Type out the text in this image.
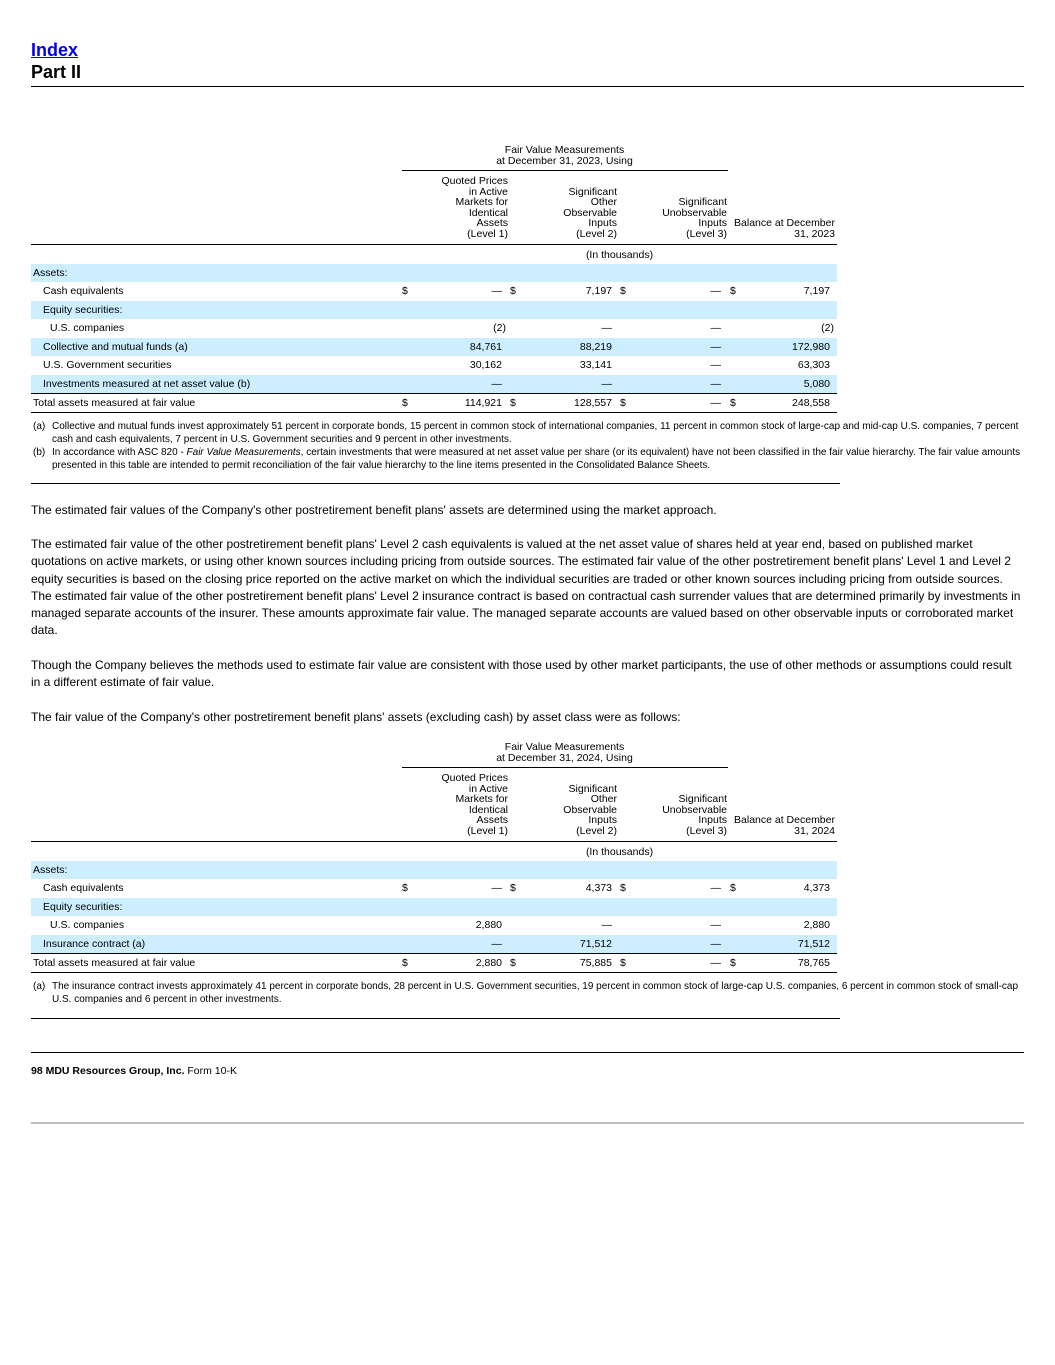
Index
Part II
Fair Value Measurements
at December 31, 2023, Using
Quoted Prices
in Active
Markets for
Identical
Assets
(Level 1)
Significant
Other
Observable
Inputs
(Level 2)
Significant
Unobservable
Inputs
(Level 3)
Balance at December
31, 2023
(In thousands)
Assets:
Cash equivalents	$	— $	7,197 $	— $	7,197
Equity securities:
U.S. companies	(2)	—	—	(2)
Collective and mutual funds (a)	84,761	88,219	—	172,980
U.S. Government securities	30,162	33,141	—	63,303
Investments measured at net asset value (b)	—	—	—	5,080
Total assets measured at fair value	$	114,921 $	128,557 $	— $	248,558
(a) Collective and mutual funds invest approximately 51 percent in corporate bonds, 15 percent in common stock of international companies, 11 percent in common stock of large-cap and mid-cap U.S. companies, 7 percent cash and cash equivalents, 7 percent in U.S. Government securities and 9 percent in other investments.
(b) In accordance with ASC 820 - Fair Value Measurements, certain investments that were measured at net asset value per share (or its equivalent) have not been classified in the fair value hierarchy. The fair value amounts presented in this table are intended to permit reconciliation of the fair value hierarchy to the line items presented in the Consolidated Balance Sheets.
The estimated fair values of the Company's other postretirement benefit plans' assets are determined using the market approach.
The estimated fair value of the other postretirement benefit plans' Level 2 cash equivalents is valued at the net asset value of shares held at year end, based on published market quotations on active markets, or using other known sources including pricing from outside sources. The estimated fair value of the other postretirement benefit plans' Level 1 and Level 2 equity securities is based on the closing price reported on the active market on which the individual securities are traded or other known sources including pricing from outside sources. The estimated fair value of the other postretirement benefit plans' Level 2 insurance contract is based on contractual cash surrender values that are determined primarily by investments in managed separate accounts of the insurer. These amounts approximate fair value. The managed separate accounts are valued based on other observable inputs or corroborated market data.
Though the Company believes the methods used to estimate fair value are consistent with those used by other market participants, the use of other methods or assumptions could result in a different estimate of fair value.
The fair value of the Company's other postretirement benefit plans' assets (excluding cash) by asset class were as follows:
Fair Value Measurements
at December 31, 2024, Using
Quoted Prices
in Active
Markets for
Identical
Assets
(Level 1)
Significant
Other
Observable
Inputs
(Level 2)
Significant
Unobservable
Inputs
(Level 3)
Balance at December
31, 2024
(In thousands)
Assets:
Cash equivalents	$	— $	4,373 $	— $	4,373
Equity securities:
U.S. companies	2,880	—	—	2,880
Insurance contract (a)	—	71,512	—	71,512
Total assets measured at fair value	$	2,880 $	75,885 $	— $	78,765
(a) The insurance contract invests approximately 41 percent in corporate bonds, 28 percent in U.S. Government securities, 19 percent in common stock of large-cap U.S. companies, 6 percent in common stock of small-cap U.S. companies and 6 percent in other investments.
98 MDU Resources Group, Inc. Form 10-K
